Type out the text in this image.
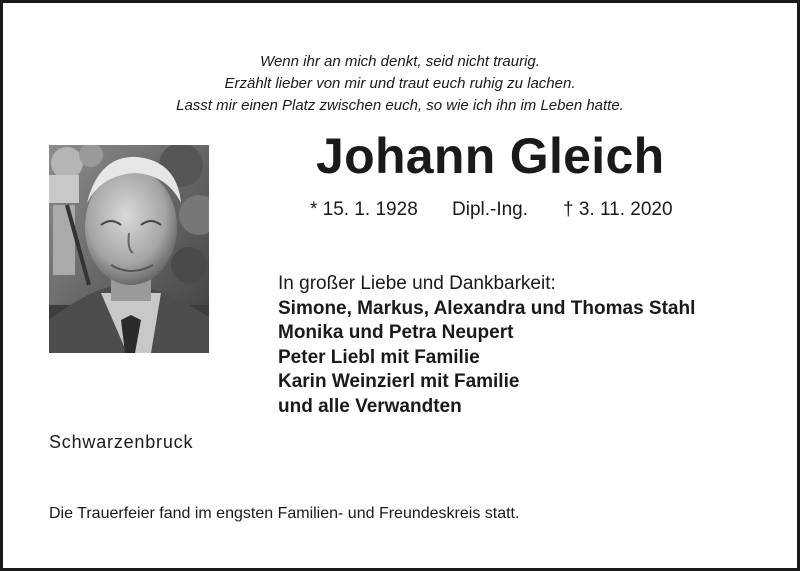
Wenn ihr an mich denkt, seid nicht traurig.
Erzählt lieber von mir und traut euch ruhig zu lachen.
Lasst mir einen Platz zwischen euch, so wie ich ihn im Leben hatte.
Johann Gleich
* 15. 1. 1928 Dipl.-Ing. † 3. 11. 2020
In großer Liebe und Dankbarkeit:
Simone, Markus, Alexandra und Thomas Stahl
Monika und Petra Neupert
Peter Liebl mit Familie
Karin Weinzierl mit Familie
und alle Verwandten
Schwarzenbruck
Die Trauerfeier fand im engsten Familien- und Freundeskreis statt.
